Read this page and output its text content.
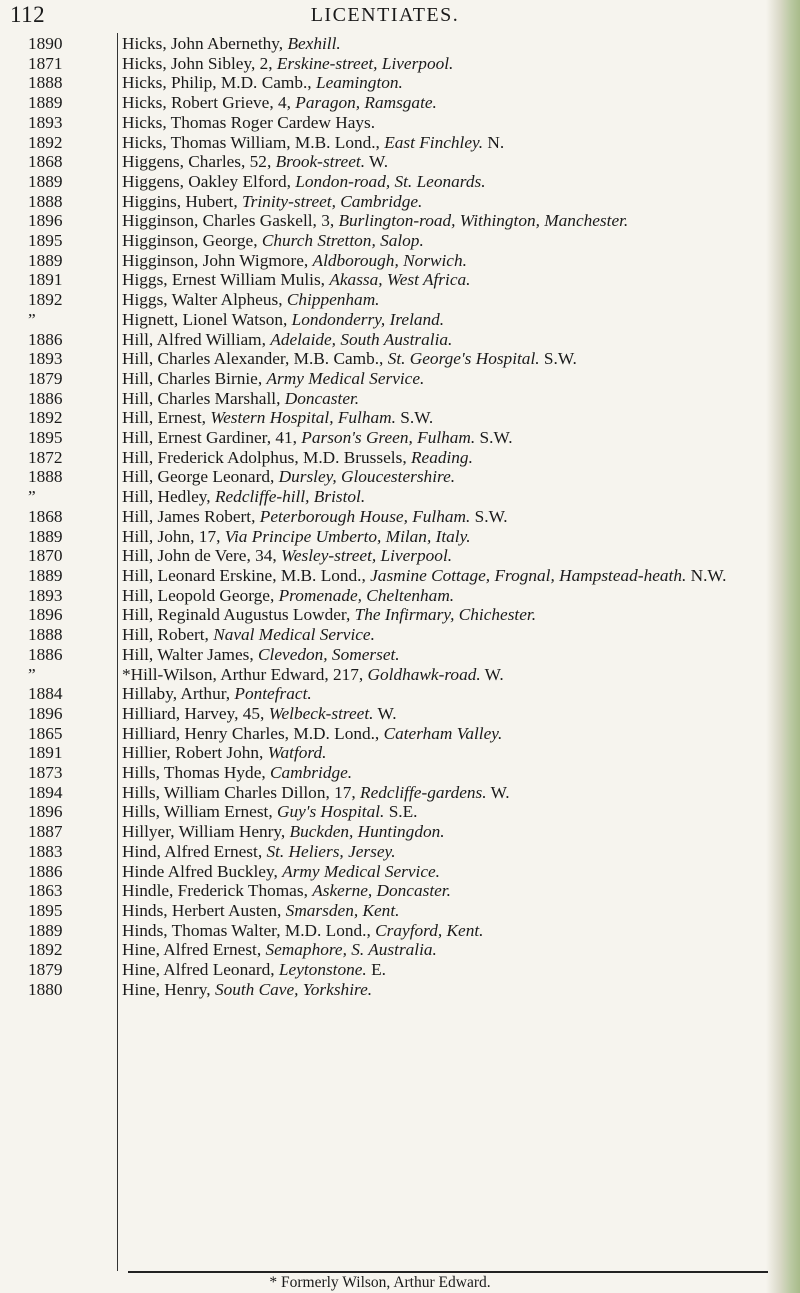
112	LICENTIATES.
1890	Hicks, John Abernethy, Bexhill.
1871	Hicks, John Sibley, 2, Erskine-street, Liverpool.
1888	Hicks, Philip, M.D. Camb., Leamington.
1889	Hicks, Robert Grieve, 4, Paragon, Ramsgate.
1893	Hicks, Thomas Roger Cardew Hays.
1892	Hicks, Thomas William, M.B. Lond., East Finchley. N.
1868	Higgens, Charles, 52, Brook-street. W.
1889	Higgens, Oakley Elford, London-road, St. Leonards.
1888	Higgins, Hubert, Trinity-street, Cambridge.
1896	Higginson, Charles Gaskell, 3, Burlington-road, Withington, Manchester.
1895	Higginson, George, Church Stretton, Salop.
1889	Higginson, John Wigmore, Aldborough, Norwich.
1891	Higgs, Ernest William Mulis, Akassa, West Africa.
1892	Higgs, Walter Alpheus, Chippenham.
”	Hignett, Lionel Watson, Londonderry, Ireland.
1886	Hill, Alfred William, Adelaide, South Australia.
1893	Hill, Charles Alexander, M.B. Camb., St. George's Hospital. S.W.
1879	Hill, Charles Birnie, Army Medical Service.
1886	Hill, Charles Marshall, Doncaster.
1892	Hill, Ernest, Western Hospital, Fulham. S.W.
1895	Hill, Ernest Gardiner, 41, Parson's Green, Fulham. S.W.
1872	Hill, Frederick Adolphus, M.D. Brussels, Reading.
1888	Hill, George Leonard, Dursley, Gloucestershire.
”	Hill, Hedley, Redcliffe-hill, Bristol.
1868	Hill, James Robert, Peterborough House, Fulham. S.W.
1889	Hill, John, 17, Via Principe Umberto, Milan, Italy.
1870	Hill, John de Vere, 34, Wesley-street, Liverpool.
1889	Hill, Leonard Erskine, M.B. Lond., Jasmine Cottage, Frognal, Hampstead-heath. N.W.
1893	Hill, Leopold George, Promenade, Cheltenham.
1896	Hill, Reginald Augustus Lowder, The Infirmary, Chichester.
1888	Hill, Robert, Naval Medical Service.
1886	Hill, Walter James, Clevedon, Somerset.
”	*Hill-Wilson, Arthur Edward, 217, Goldhawk-road. W.
1884	Hillaby, Arthur, Pontefract.
1896	Hilliard, Harvey, 45, Welbeck-street. W.
1865	Hilliard, Henry Charles, M.D. Lond., Caterham Valley.
1891	Hillier, Robert John, Watford.
1873	Hills, Thomas Hyde, Cambridge.
1894	Hills, William Charles Dillon, 17, Redcliffe-gardens. W.
1896	Hills, William Ernest, Guy's Hospital. S.E.
1887	Hillyer, William Henry, Buckden, Huntingdon.
1883	Hind, Alfred Ernest, St. Heliers, Jersey.
1886	Hinde Alfred Buckley, Army Medical Service.
1863	Hindle, Frederick Thomas, Askerne, Doncaster.
1895	Hinds, Herbert Austen, Smarsden, Kent.
1889	Hinds, Thomas Walter, M.D. Lond., Crayford, Kent.
1892	Hine, Alfred Ernest, Semaphore, S. Australia.
1879	Hine, Alfred Leonard, Leytonstone. E.
1880	Hine, Henry, South Cave, Yorkshire.
* Formerly Wilson, Arthur Edward.
